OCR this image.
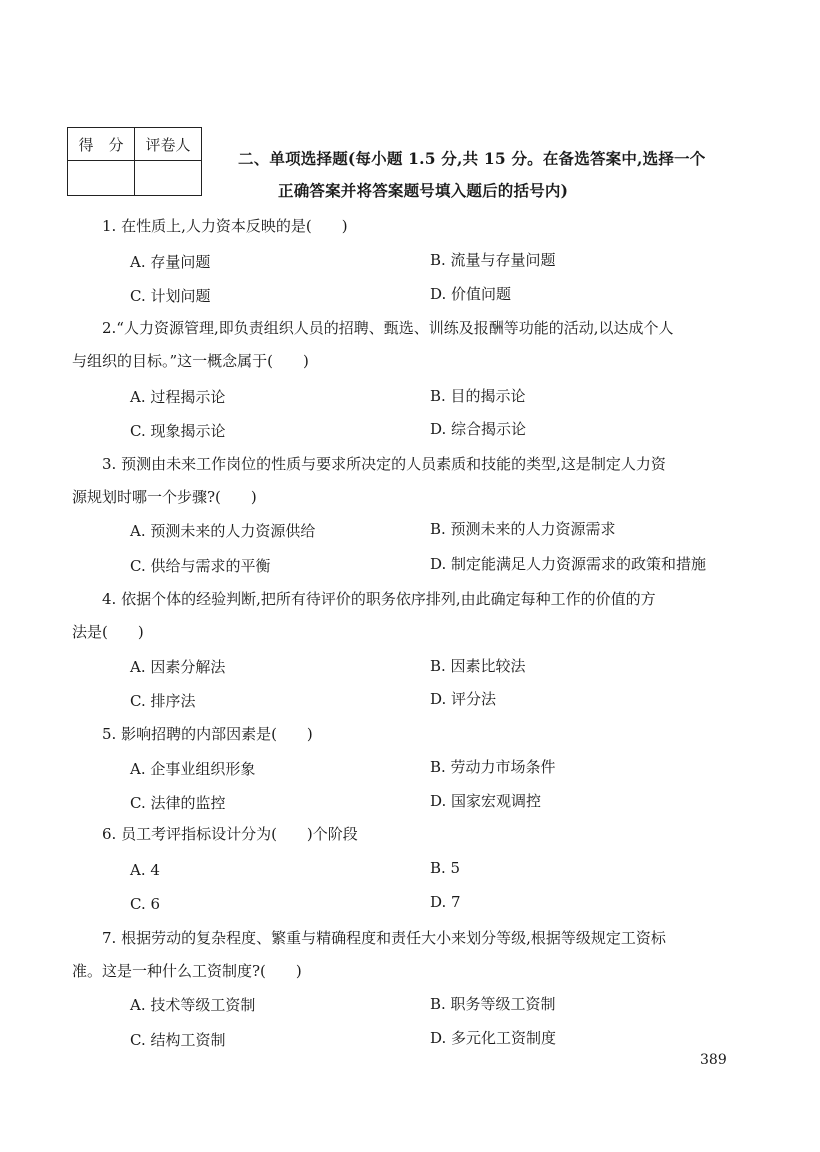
得　分	评卷人

二、单项选择题(每小题 1.5 分,共 15 分。在备选答案中,选择一个
正确答案并将答案题号填入题后的括号内)

1. 在性质上,人力资本反映的是(　　)

A. 存量问题	B. 流量与存量问题
C. 计划问题	D. 价值问题

2.“人力资源管理,即负责组织人员的招聘、甄选、训练及报酬等功能的活动,以达成个人

与组织的目标。”这一概念属于(　　)

A. 过程揭示论	B. 目的揭示论
C. 现象揭示论	D. 综合揭示论

3. 预测由未来工作岗位的性质与要求所决定的人员素质和技能的类型,这是制定人力资

源规划时哪一个步骤?(　　)

A. 预测未来的人力资源供给	B. 预测未来的人力资源需求
C. 供给与需求的平衡	D. 制定能满足人力资源需求的政策和措施

4. 依据个体的经验判断,把所有待评价的职务依序排列,由此确定每种工作的价值的方

法是(　　)

A. 因素分解法	B. 因素比较法
C. 排序法	D. 评分法

5. 影响招聘的内部因素是(　　)

A. 企事业组织形象	B. 劳动力市场条件
C. 法律的监控	D. 国家宏观调控

6. 员工考评指标设计分为(　　)个阶段

A. 4	B. 5
C. 6	D. 7

7. 根据劳动的复杂程度、繁重与精确程度和责任大小来划分等级,根据等级规定工资标

准。这是一种什么工资制度?(　　)

A. 技术等级工资制	B. 职务等级工资制
C. 结构工资制	D. 多元化工资制度
389
